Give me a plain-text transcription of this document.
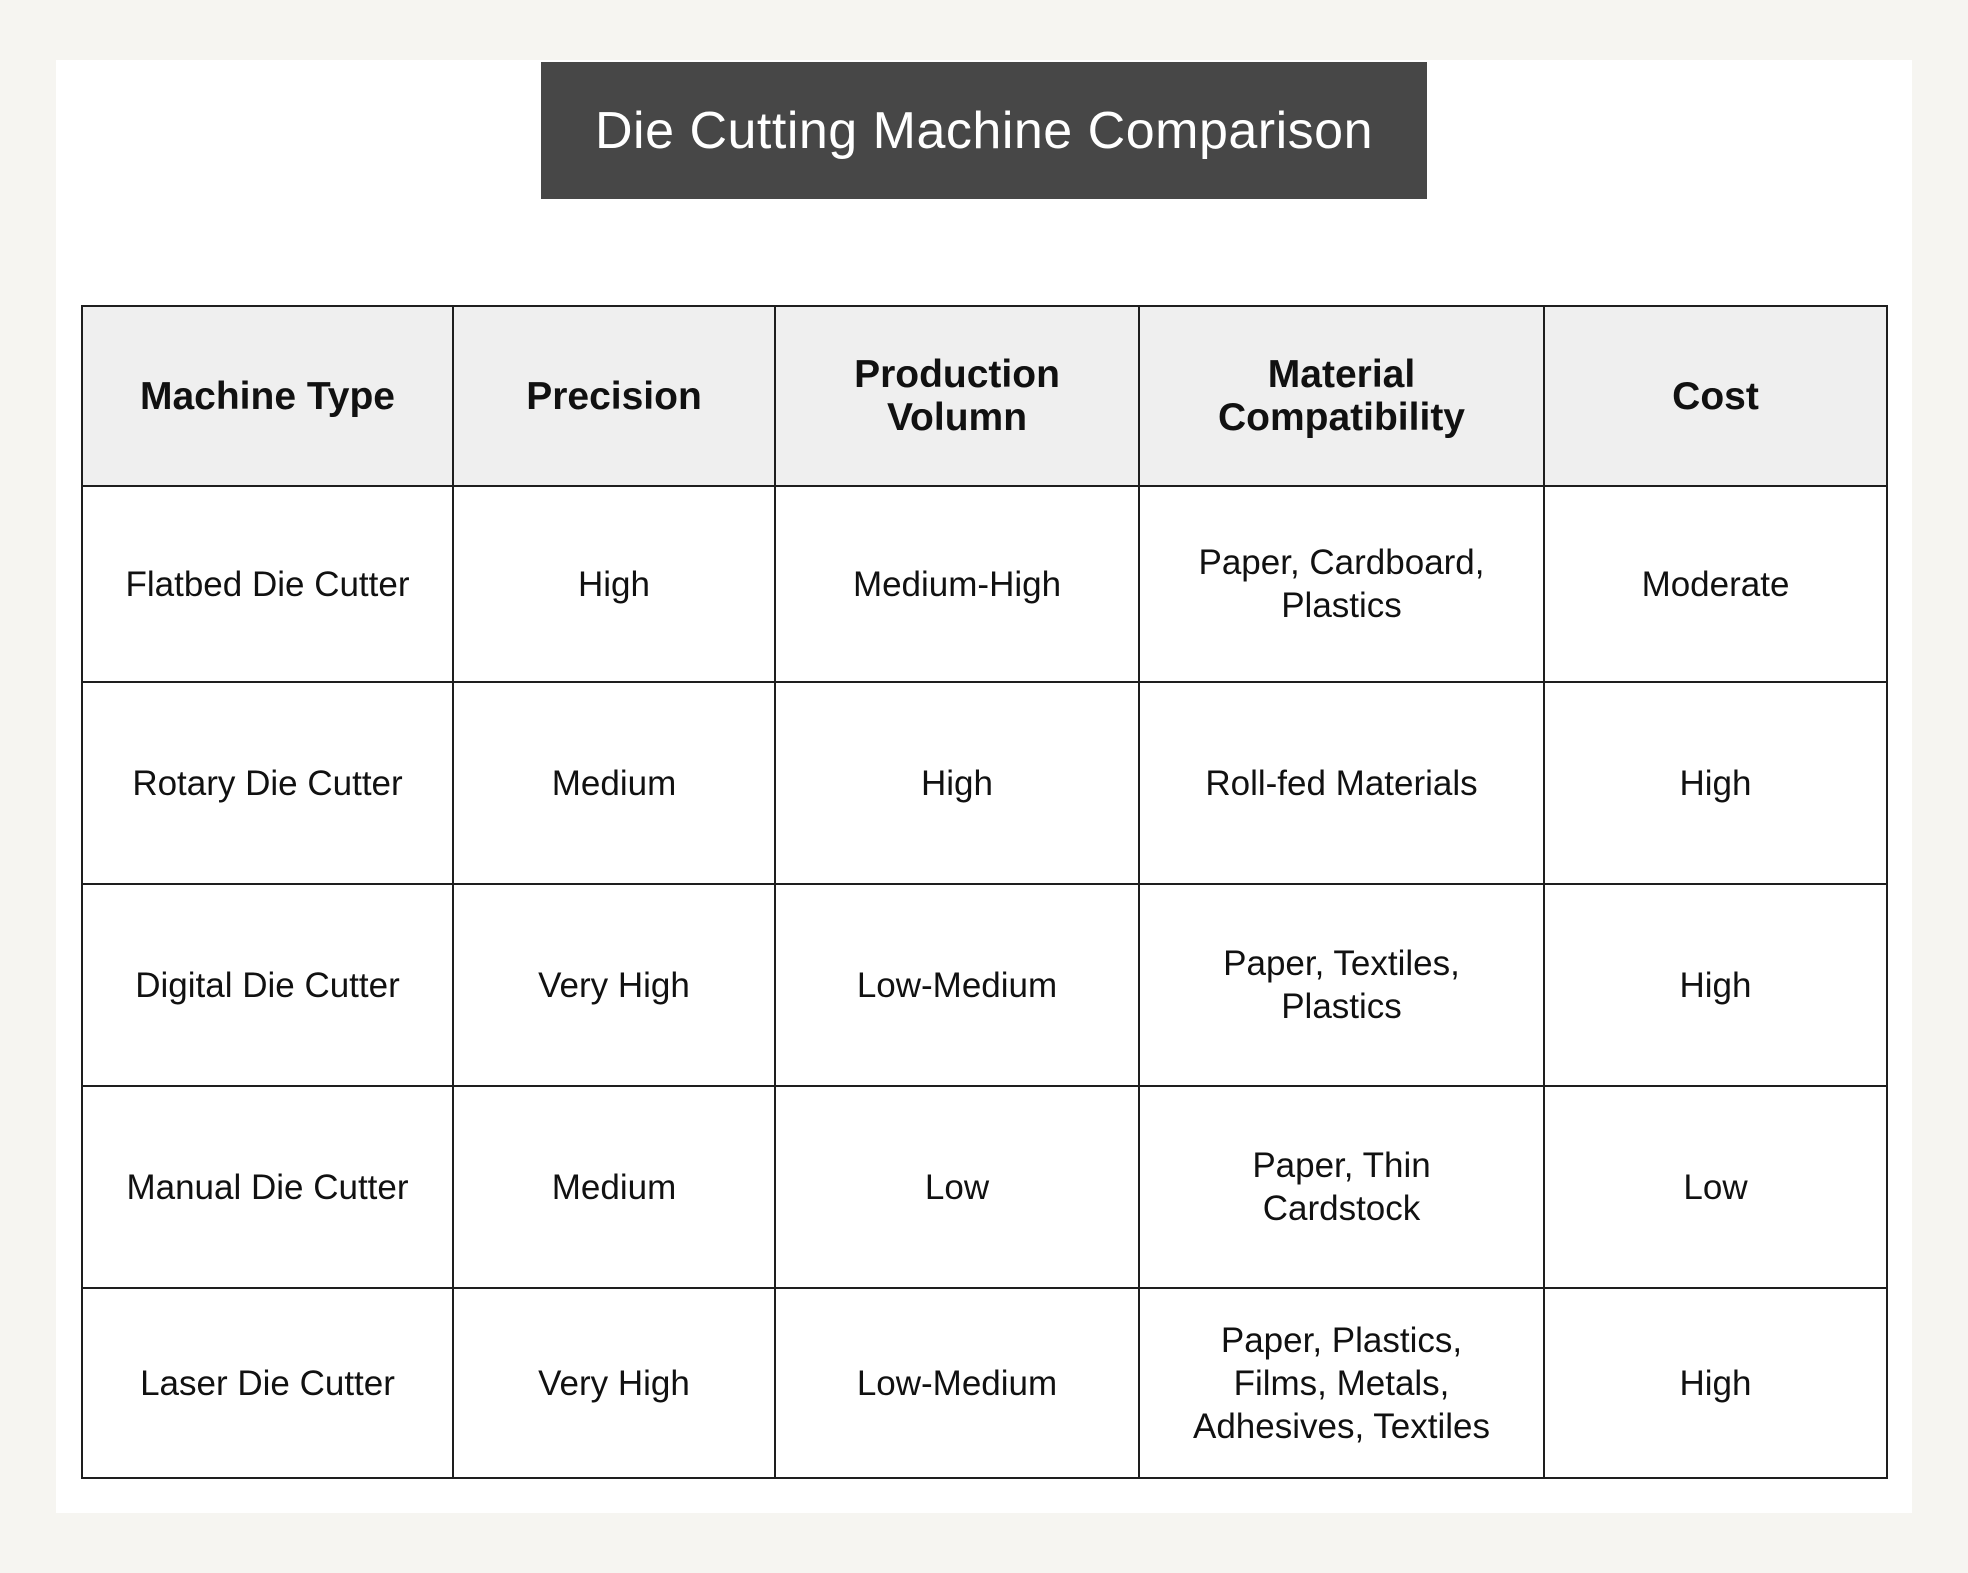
Die Cutting Machine Comparison
Machine Type	Precision	Production Volumn	Material Compatibility	Cost
Flatbed Die Cutter	High	Medium-High	Paper, Cardboard, Plastics	Moderate
Rotary Die Cutter	Medium	High	Roll-fed Materials	High
Digital Die Cutter	Very High	Low-Medium	Paper, Textiles, Plastics	High
Manual Die Cutter	Medium	Low	Paper, Thin Cardstock	Low
Laser Die Cutter	Very High	Low-Medium	Paper, Plastics, Films, Metals, Adhesives, Textiles	High
